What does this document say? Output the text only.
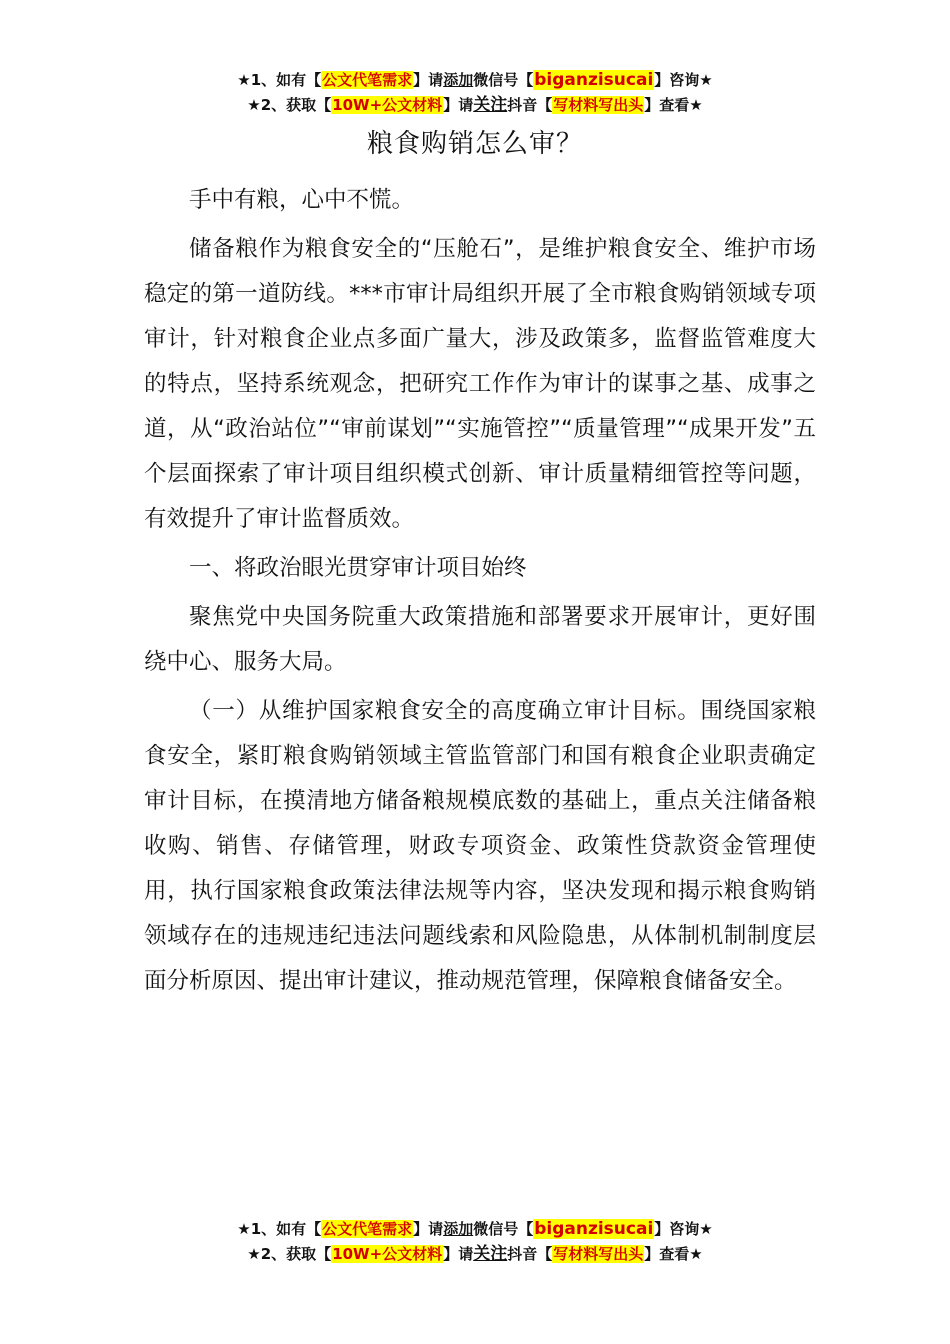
★1、如有【公文代笔需求】请添加微信号【biganzisucai】咨询★
★2、获取【10W+公文材料】请关注抖音【写材料写出头】查看★
粮食购销怎么审？

手中有粮，心中不慌。

储备粮作为粮食安全的“压舱石”，是维护粮食安全、维护市场稳定的第一道防线。***市审计局组织开展了全市粮食购销领域专项审计，针对粮食企业点多面广量大，涉及政策多，监督监管难度大的特点，坚持系统观念，把研究工作作为审计的谋事之基、成事之道，从“政治站位”“审前谋划”“实施管控”“质量管理”“成果开发”五个层面探索了审计项目组织模式创新、审计质量精细管控等问题，有效提升了审计监督质效。

一、将政治眼光贯穿审计项目始终

聚焦党中央国务院重大政策措施和部署要求开展审计，更好围绕中心、服务大局。

（一）从维护国家粮食安全的高度确立审计目标。围绕国家粮食安全，紧盯粮食购销领域主管监管部门和国有粮食企业职责确定审计目标，在摸清地方储备粮规模底数的基础上，重点关注储备粮收购、销售、存储管理，财政专项资金、政策性贷款资金管理使用，执行国家粮食政策法律法规等内容，坚决发现和揭示粮食购销领域存在的违规违纪违法问题线索和风险隐患，从体制机制制度层面分析原因、提出审计建议，推动规范管理，保障粮食储备安全。

★1、如有【公文代笔需求】请添加微信号【biganzisucai】咨询★
★2、获取【10W+公文材料】请关注抖音【写材料写出头】查看★
